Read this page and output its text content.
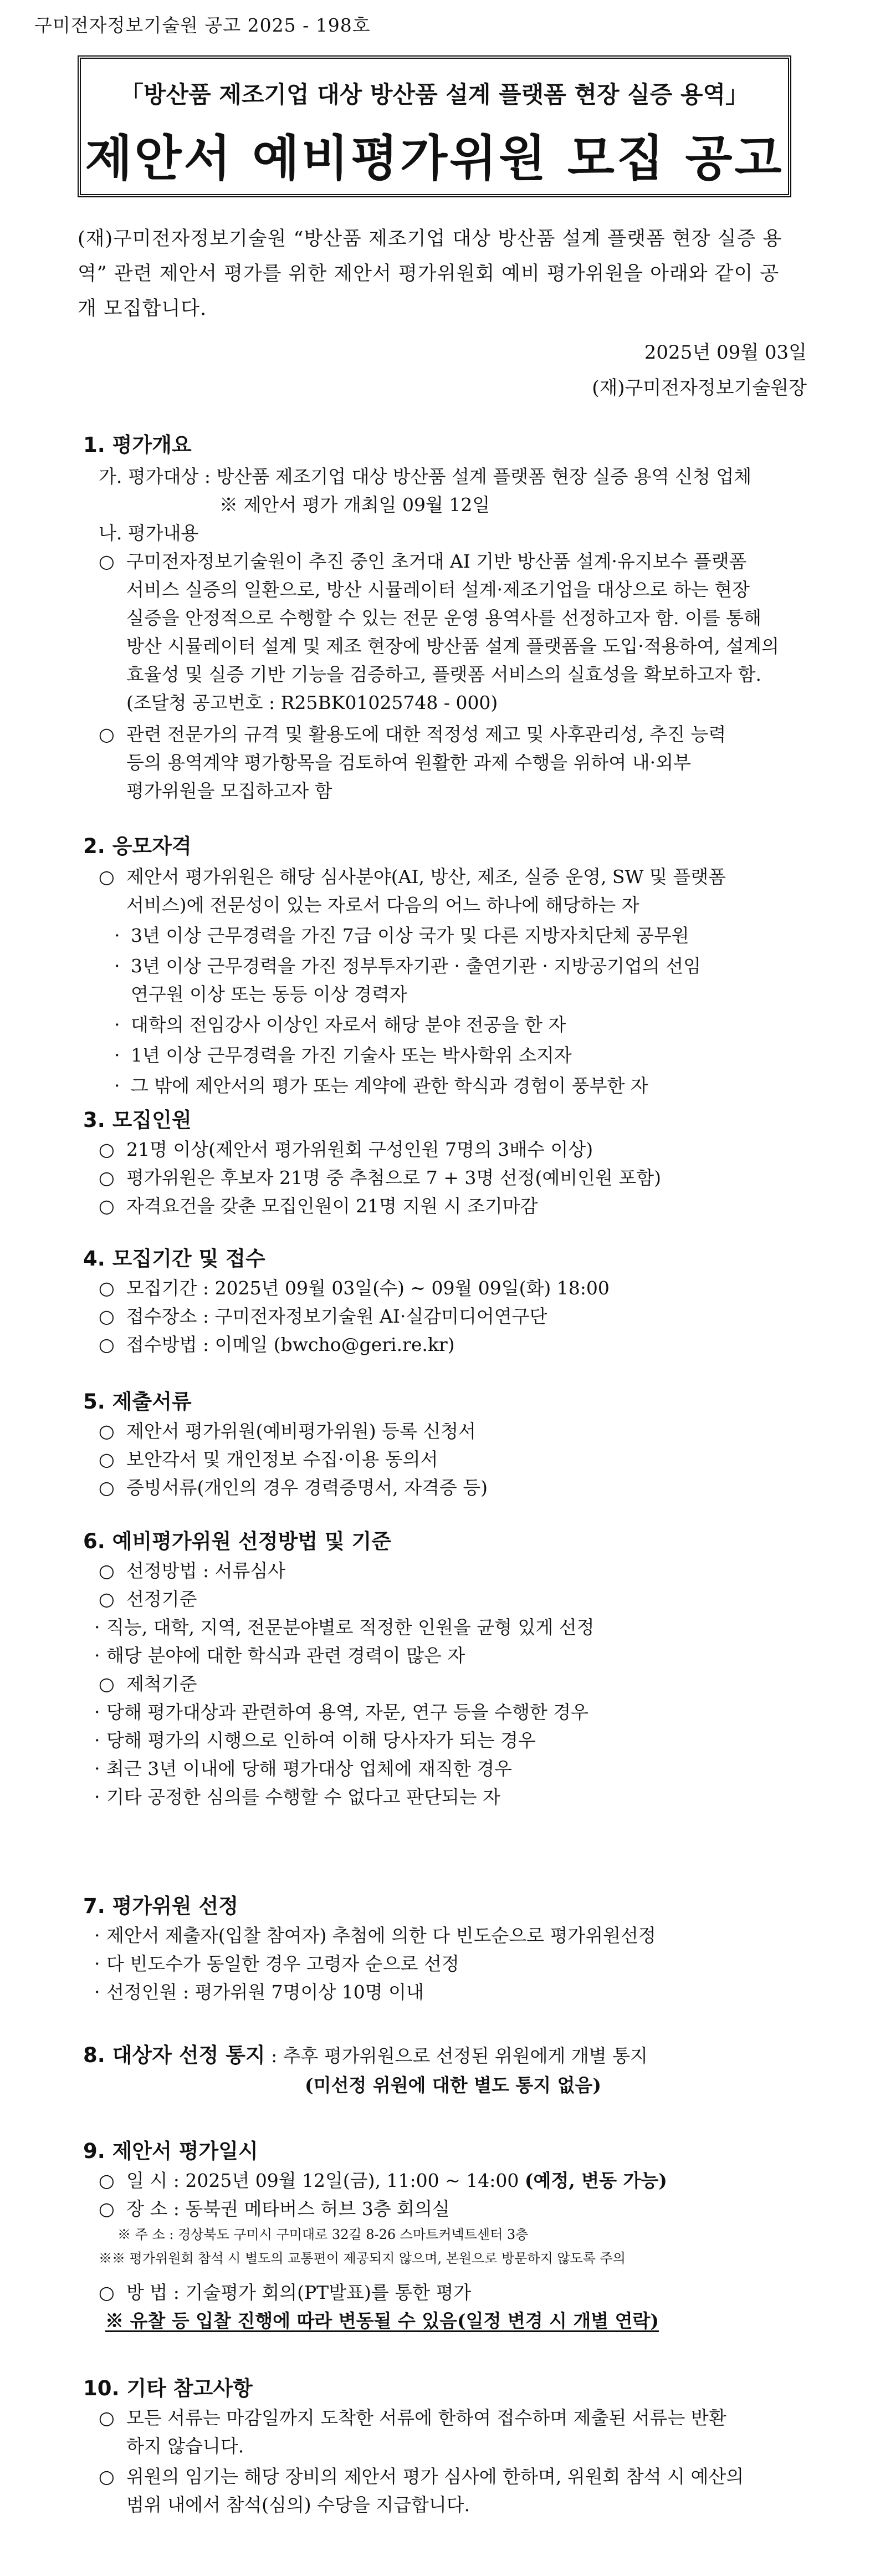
구미전자정보기술원 공고 2025 - 198호
「방산품 제조기업 대상 방산품 설계 플랫폼 현장 실증 용역」
제안서 예비평가위원 모집 공고
(재)구미전자정보기술원 “방산품 제조기업 대상 방산품 설계 플랫폼 현장 실증 용역” 관련 제안서 평가를 위한 제안서 평가위원회 예비 평가위원을 아래와 같이 공개 모집합니다.
2025년 09월 03일
(재)구미전자정보기술원장
1. 평가개요
가. 평가대상 : 방산품 제조기업 대상 방산품 설계 플랫폼 현장 실증 용역 신청 업체
※ 제안서 평가 개최일 09월 12일
나. 평가내용
○ 구미전자정보기술원이 추진 중인 초거대 AI 기반 방산품 설계·유지보수 플랫폼
서비스 실증의 일환으로, 방산 시뮬레이터 설계·제조기업을 대상으로 하는 현장
실증을 안정적으로 수행할 수 있는 전문 운영 용역사를 선정하고자 함. 이를 통해
방산 시뮬레이터 설계 및 제조 현장에 방산품 설계 플랫폼을 도입·적용하여, 설계의
효율성 및 실증 기반 기능을 검증하고, 플랫폼 서비스의 실효성을 확보하고자 함.
(조달청 공고번호 : R25BK01025748 - 000)
○ 관련 전문가의 규격 및 활용도에 대한 적정성 제고 및 사후관리성, 추진 능력
등의 용역계약 평가항목을 검토하여 원활한 과제 수행을 위하여 내·외부
평가위원을 모집하고자 함
2. 응모자격
○ 제안서 평가위원은 해당 심사분야(AI, 방산, 제조, 실증 운영, SW 및 플랫폼
서비스)에 전문성이 있는 자로서 다음의 어느 하나에 해당하는 자
· 3년 이상 근무경력을 가진 7급 이상 국가 및 다른 지방자치단체 공무원
· 3년 이상 근무경력을 가진 정부투자기관 · 출연기관 · 지방공기업의 선임
연구원 이상 또는 동등 이상 경력자
· 대학의 전임강사 이상인 자로서 해당 분야 전공을 한 자
· 1년 이상 근무경력을 가진 기술사 또는 박사학위 소지자
· 그 밖에 제안서의 평가 또는 계약에 관한 학식과 경험이 풍부한 자
3. 모집인원
○ 21명 이상(제안서 평가위원회 구성인원 7명의 3배수 이상)
○ 평가위원은 후보자 21명 중 추첨으로 7 + 3명 선정(예비인원 포함)
○ 자격요건을 갖춘 모집인원이 21명 지원 시 조기마감
4. 모집기간 및 접수
○ 모집기간 : 2025년 09월 03일(수) ~ 09월 09일(화) 18:00
○ 접수장소 : 구미전자정보기술원 AI·실감미디어연구단
○ 접수방법 : 이메일 (bwcho@geri.re.kr)
5. 제출서류
○ 제안서 평가위원(예비평가위원) 등록 신청서
○ 보안각서 및 개인정보 수집·이용 동의서
○ 증빙서류(개인의 경우 경력증명서, 자격증 등)
6. 예비평가위원 선정방법 및 기준
○ 선정방법 : 서류심사
○ 선정기준
· 직능, 대학, 지역, 전문분야별로 적정한 인원을 균형 있게 선정
· 해당 분야에 대한 학식과 관련 경력이 많은 자
○ 제척기준
· 당해 평가대상과 관련하여 용역, 자문, 연구 등을 수행한 경우
· 당해 평가의 시행으로 인하여 이해 당사자가 되는 경우
· 최근 3년 이내에 당해 평가대상 업체에 재직한 경우
· 기타 공정한 심의를 수행할 수 없다고 판단되는 자
7. 평가위원 선정
· 제안서 제출자(입찰 참여자) 추첨에 의한 다 빈도순으로 평가위원선정
· 다 빈도수가 동일한 경우 고령자 순으로 선정
· 선정인원 : 평가위원 7명이상 10명 이내
8. 대상자 선정 통지 : 추후 평가위원으로 선정된 위원에게 개별 통지
(미선정 위원에 대한 별도 통지 없음)
9. 제안서 평가일시
○ 일 시 : 2025년 09월 12일(금), 11:00 ~ 14:00 (예정, 변동 가능)
○ 장 소 : 동북권 메타버스 허브 3층 회의실
※ 주 소 : 경상북도 구미시 구미대로 32길 8-26 스마트커넥트센터 3층
※※ 평가위원회 참석 시 별도의 교통편이 제공되지 않으며, 본원으로 방문하지 않도록 주의
○ 방 법 : 기술평가 회의(PT발표)를 통한 평가
※ 유찰 등 입찰 진행에 따라 변동될 수 있음(일정 변경 시 개별 연락)
10. 기타 참고사항
○ 모든 서류는 마감일까지 도착한 서류에 한하여 접수하며 제출된 서류는 반환
하지 않습니다.
○ 위원의 임기는 해당 장비의 제안서 평가 심사에 한하며, 위원회 참석 시 예산의
범위 내에서 참석(심의) 수당을 지급합니다.
